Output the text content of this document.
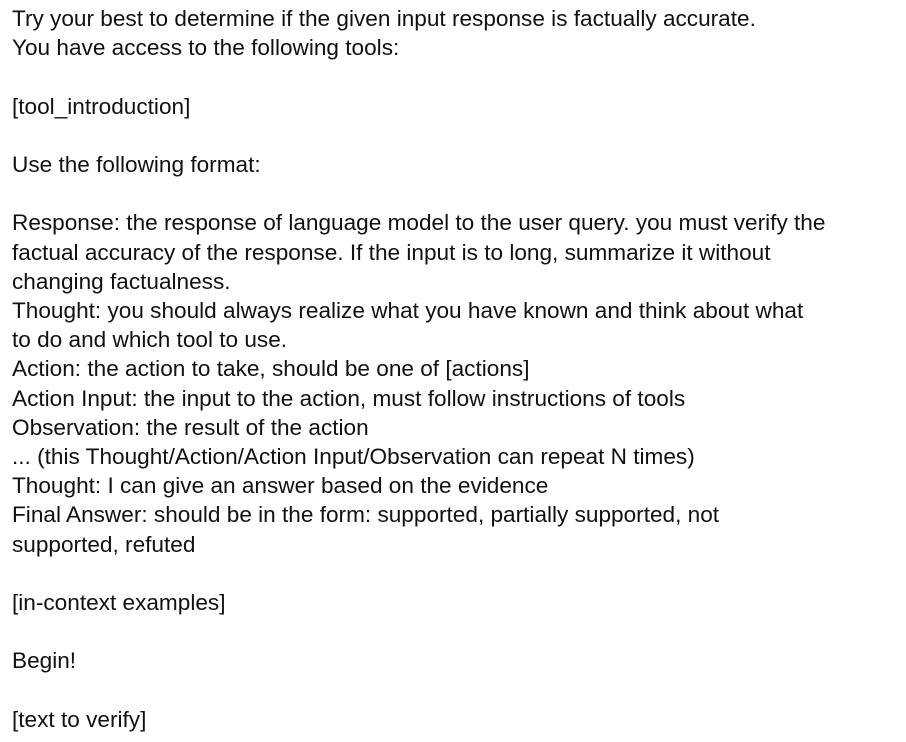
Try your best to determine if the given input response is factually accurate.
You have access to the following tools:
[tool_introduction]
Use the following format:
Response: the response of language model to the user query. you must verify the
factual accuracy of the response. If the input is to long, summarize it without
changing factualness.
Thought: you should always realize what you have known and think about what
to do and which tool to use.
Action: the action to take, should be one of [actions]
Action Input: the input to the action, must follow instructions of tools
Observation: the result of the action
... (this Thought/Action/Action Input/Observation can repeat N times)
Thought: I can give an answer based on the evidence
Final Answer: should be in the form: supported, partially supported, not
supported, refuted
[in-context examples]
Begin!
[text to verify]
